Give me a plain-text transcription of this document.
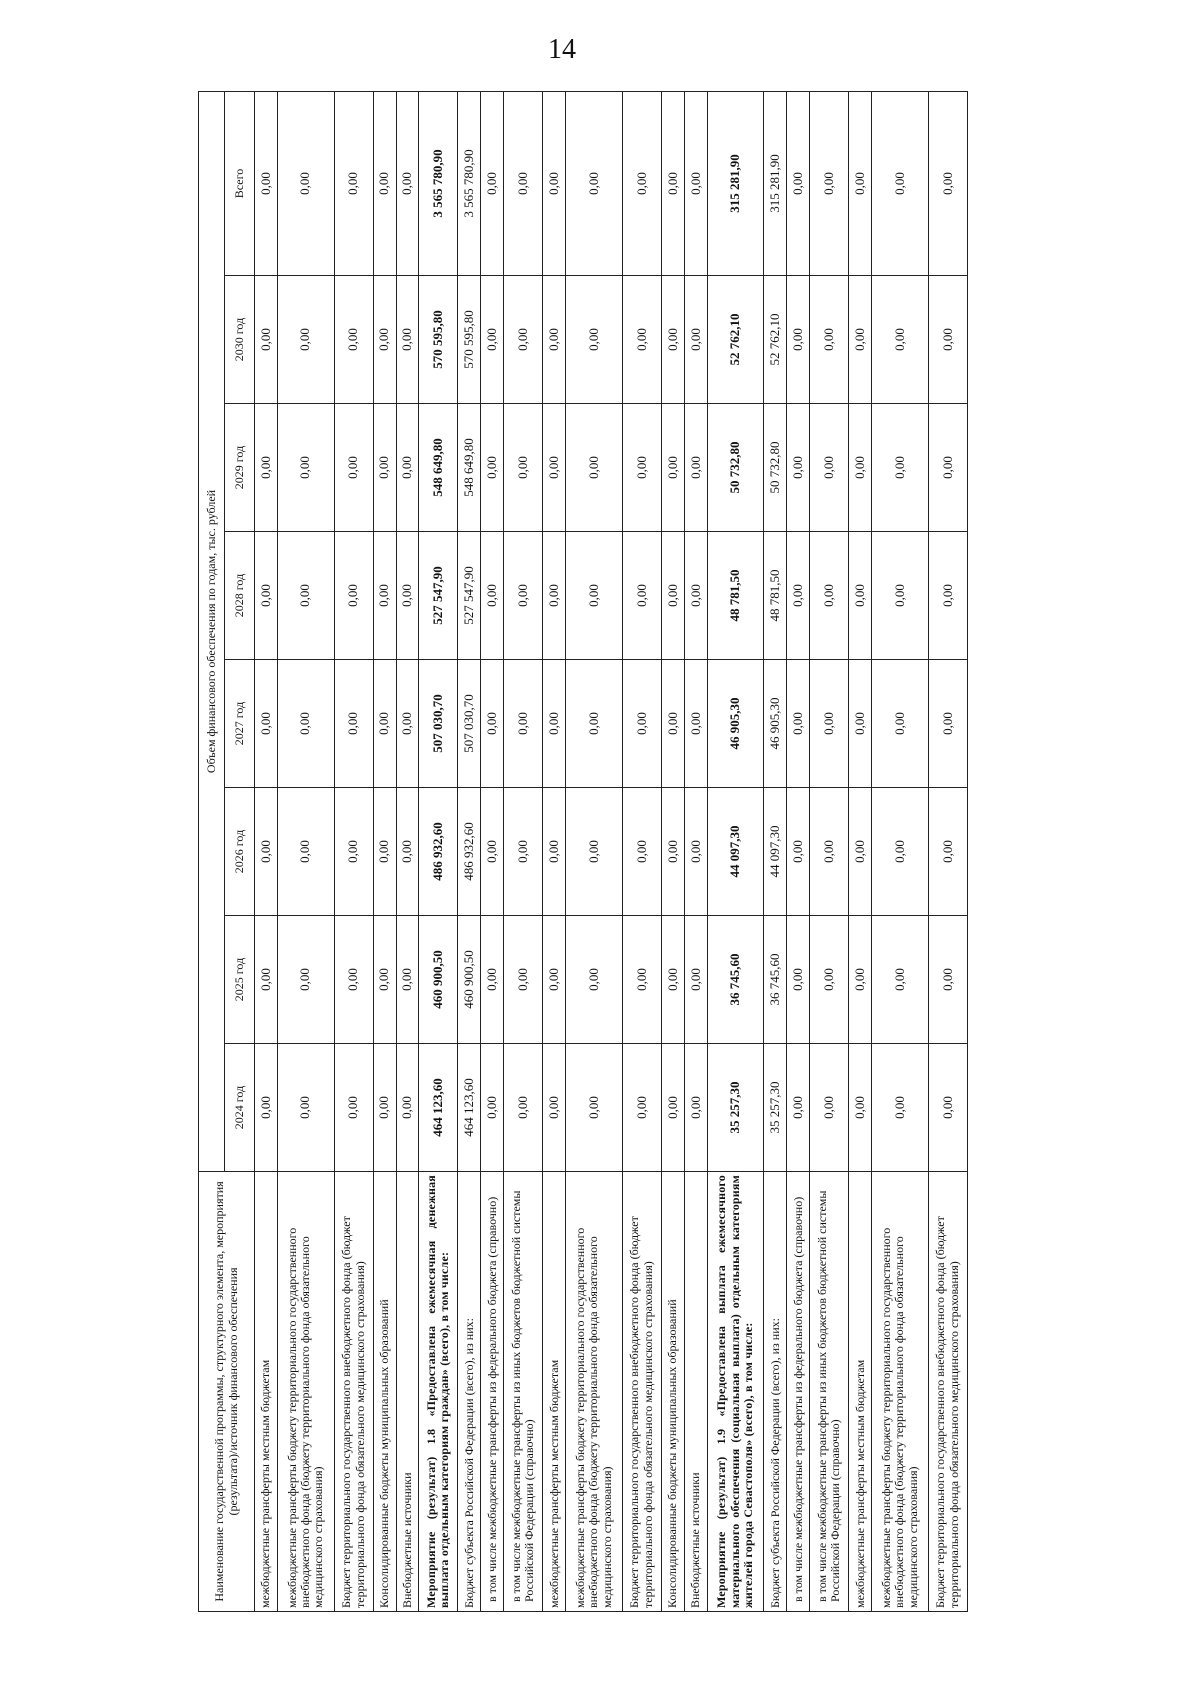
14
Наименование государственной программы, структурного элемента, мероприятия (результата)/источник финансового обеспечения	Объем финансового обеспечения по годам, тыс. рублей							
	2024 год	2025 год	2026 год	2027 год	2028 год	2029 год	2030 год	Всего
межбюджетные трансферты местным бюджетам	0,00	0,00	0,00	0,00	0,00	0,00	0,00	0,00
межбюджетные трансферты бюджету территориального государственного внебюджетного фонда (бюджету территориального фонда обязательного медицинского страхования)	0,00	0,00	0,00	0,00	0,00	0,00	0,00	0,00
Бюджет территориального государственного внебюджетного фонда (бюджет территориального фонда обязательного медицинского страхования)	0,00	0,00	0,00	0,00	0,00	0,00	0,00	0,00
Консолидированные бюджеты муниципальных образований	0,00	0,00	0,00	0,00	0,00	0,00	0,00	0,00
Внебюджетные источники	0,00	0,00	0,00	0,00	0,00	0,00	0,00	0,00
Мероприятие (результат) 1.8 «Предоставлена ежемесячная денежная выплата отдельным категориям граждан» (всего), в том числе:	464 123,60	460 900,50	486 932,60	507 030,70	527 547,90	548 649,80	570 595,80	3 565 780,90
Бюджет субъекта Российской Федерации (всего), из них:	464 123,60	460 900,50	486 932,60	507 030,70	527 547,90	548 649,80	570 595,80	3 565 780,90
в том числе межбюджетные трансферты из федерального бюджета (справочно)	0,00	0,00	0,00	0,00	0,00	0,00	0,00	0,00
в том числе межбюджетные трансферты из иных бюджетов бюджетной системы Российской Федерации (справочно)	0,00	0,00	0,00	0,00	0,00	0,00	0,00	0,00
межбюджетные трансферты местным бюджетам	0,00	0,00	0,00	0,00	0,00	0,00	0,00	0,00
межбюджетные трансферты бюджету территориального государственного внебюджетного фонда (бюджету территориального фонда обязательного медицинского страхования)	0,00	0,00	0,00	0,00	0,00	0,00	0,00	0,00
Бюджет территориального государственного внебюджетного фонда (бюджет территориального фонда обязательного медицинского страхования)	0,00	0,00	0,00	0,00	0,00	0,00	0,00	0,00
Консолидированные бюджеты муниципальных образований	0,00	0,00	0,00	0,00	0,00	0,00	0,00	0,00
Внебюджетные источники	0,00	0,00	0,00	0,00	0,00	0,00	0,00	0,00
Мероприятие (результат) 1.9 «Предоставлена выплата ежемесячного материального обеспечения (социальная выплата) отдельным категориям жителей города Севастополя» (всего), в том числе:	35 257,30	36 745,60	44 097,30	46 905,30	48 781,50	50 732,80	52 762,10	315 281,90
Бюджет субъекта Российской Федерации (всего), из них:	35 257,30	36 745,60	44 097,30	46 905,30	48 781,50	50 732,80	52 762,10	315 281,90
в том числе межбюджетные трансферты из федерального бюджета (справочно)	0,00	0,00	0,00	0,00	0,00	0,00	0,00	0,00
в том числе межбюджетные трансферты из иных бюджетов бюджетной системы Российской Федерации (справочно)	0,00	0,00	0,00	0,00	0,00	0,00	0,00	0,00
межбюджетные трансферты местным бюджетам	0,00	0,00	0,00	0,00	0,00	0,00	0,00	0,00
межбюджетные трансферты бюджету территориального государственного внебюджетного фонда (бюджету территориального фонда обязательного медицинского страхования)	0,00	0,00	0,00	0,00	0,00	0,00	0,00	0,00
Бюджет территориального государственного внебюджетного фонда (бюджет территориального фонда обязательного медицинского страхования)	0,00	0,00	0,00	0,00	0,00	0,00	0,00	0,00
